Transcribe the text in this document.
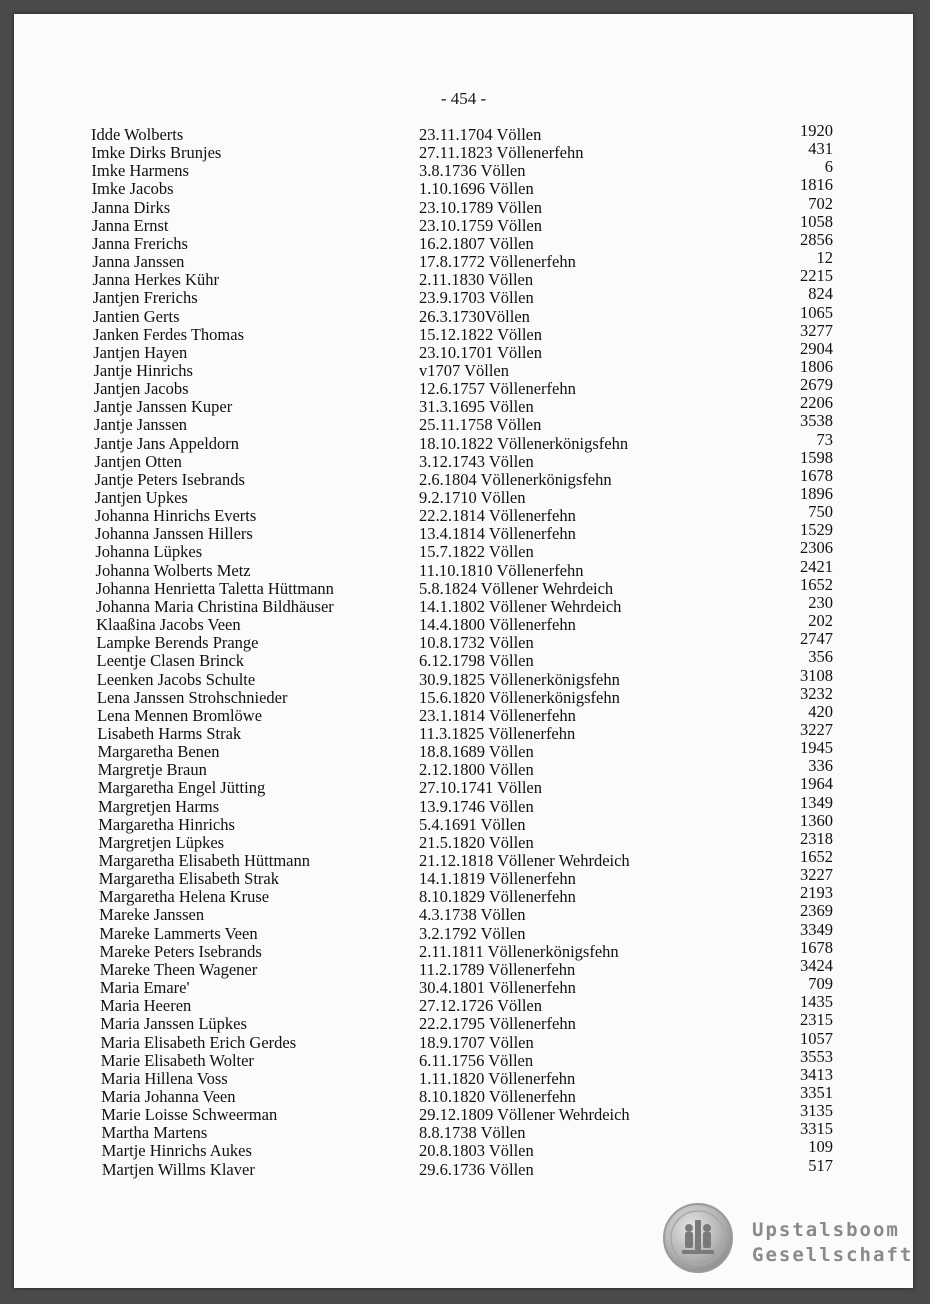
- 454 -
Idde Wolberts	23.11.1704 Völlen	1920
Imke Dirks Brunjes	27.11.1823 Völlenerfehn	431
Imke Harmens	3.8.1736 Völlen	6
Imke Jacobs	1.10.1696 Völlen	1816
Janna Dirks	23.10.1789 Völlen	702
Janna Ernst	23.10.1759 Völlen	1058
Janna Frerichs	16.2.1807 Völlen	2856
Janna Janssen	17.8.1772 Völlenerfehn	12
Janna Herkes Kühr	2.11.1830 Völlen	2215
Jantjen Frerichs	23.9.1703 Völlen	824
Jantien Gerts	26.3.1730Völlen	1065
Janken Ferdes Thomas	15.12.1822 Völlen	3277
Jantjen Hayen	23.10.1701 Völlen	2904
Jantje Hinrichs	v1707 Völlen	1806
Jantjen Jacobs	12.6.1757 Völlenerfehn	2679
Jantje Janssen Kuper	31.3.1695 Völlen	2206
Jantje Janssen	25.11.1758 Völlen	3538
Jantje Jans Appeldorn	18.10.1822 Völlenerkönigsfehn	73
Jantjen Otten	3.12.1743 Völlen	1598
Jantje Peters Isebrands	2.6.1804 Völlenerkönigsfehn	1678
Jantjen Upkes	9.2.1710 Völlen	1896
Johanna Hinrichs Everts	22.2.1814 Völlenerfehn	750
Johanna Janssen Hillers	13.4.1814 Völlenerfehn	1529
Johanna Lüpkes	15.7.1822 Völlen	2306
Johanna Wolberts Metz	11.10.1810 Völlenerfehn	2421
Johanna Henrietta Taletta Hüttmann	5.8.1824 Völlener Wehrdeich	1652
Johanna Maria Christina Bildhäuser	14.1.1802 Völlener Wehrdeich	230
Klaaßina Jacobs Veen	14.4.1800 Völlenerfehn	202
Lampke Berends Prange	10.8.1732 Völlen	2747
Leentje Clasen Brinck	6.12.1798 Völlen	356
Leenken Jacobs Schulte	30.9.1825 Völlenerkönigsfehn	3108
Lena Janssen Strohschnieder	15.6.1820 Völlenerkönigsfehn	3232
Lena Mennen Bromlöwe	23.1.1814 Völlenerfehn	420
Lisabeth Harms Strak	11.3.1825 Völlenerfehn	3227
Margaretha Benen	18.8.1689 Völlen	1945
Margretje Braun	2.12.1800 Völlen	336
Margaretha Engel Jütting	27.10.1741 Völlen	1964
Margretjen Harms	13.9.1746 Völlen	1349
Margaretha Hinrichs	5.4.1691 Völlen	1360
Margretjen Lüpkes	21.5.1820 Völlen	2318
Margaretha Elisabeth Hüttmann	21.12.1818 Völlener Wehrdeich	1652
Margaretha Elisabeth Strak	14.1.1819 Völlenerfehn	3227
Margaretha Helena Kruse	8.10.1829 Völlenerfehn	2193
Mareke Janssen	4.3.1738 Völlen	2369
Mareke Lammerts Veen	3.2.1792 Völlen	3349
Mareke Peters Isebrands	2.11.1811 Völlenerkönigsfehn	1678
Mareke Theen Wagener	11.2.1789 Völlenerfehn	3424
Maria Emare'	30.4.1801 Völlenerfehn	709
Maria Heeren	27.12.1726 Völlen	1435
Maria Janssen Lüpkes	22.2.1795 Völlenerfehn	2315
Maria Elisabeth Erich Gerdes	18.9.1707 Völlen	1057
Marie Elisabeth Wolter	6.11.1756 Völlen	3553
Maria Hillena Voss	1.11.1820 Völlenerfehn	3413
Maria Johanna Veen	8.10.1820 Völlenerfehn	3351
Marie Loisse Schweerman	29.12.1809 Völlener Wehrdeich	3135
Martha Martens	8.8.1738 Völlen	3315
Martje Hinrichs Aukes	20.8.1803 Völlen	109
Martjen Willms Klaver	29.6.1736 Völlen	517
Upstalsboom
Gesellschaft
